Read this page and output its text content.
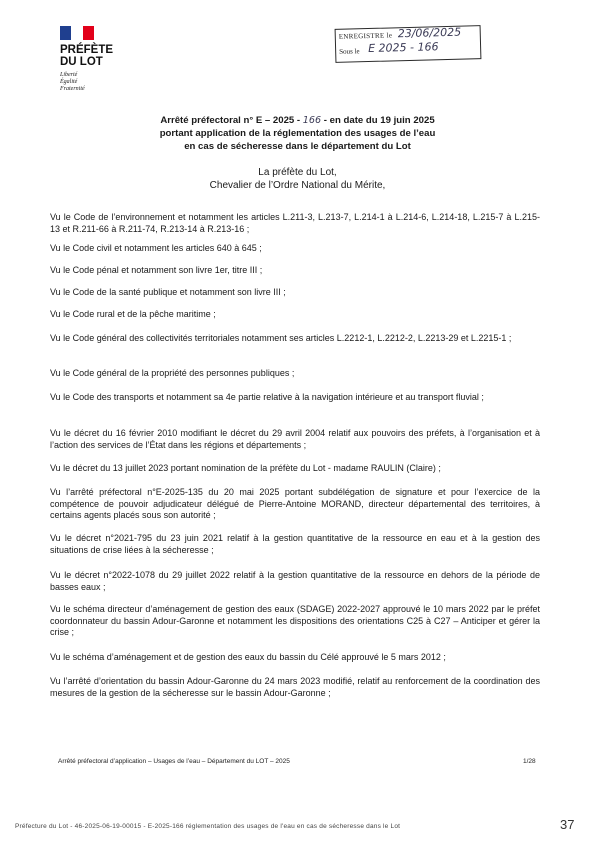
PRÉFÈTE
DU LOT
Liberté
Égalité
Fraternité
ENREGISTRE le
Sous le
23/06/2025
E 2025 - 166
Arrêté préfectoral n° E – 2025 - 166 - en date du 19 juin 2025
portant application de la réglementation des usages de l’eau
en cas de sécheresse dans le département du Lot
La préfète du Lot,
Chevalier de l’Ordre National du Mérite,
Vu le Code de l’environnement et notamment les articles L.211-3, L.213-7, L.214-1 à L.214-6, L.214-18, L.215-7 à L.215-13 et R.211-66 à R.211-74, R.213-14 à R.213-16 ;
Vu le Code civil et notamment les articles 640 à 645 ;
Vu le Code pénal et notamment son livre 1er, titre III ;
Vu le Code de la santé publique et notamment son livre III ;
Vu le Code rural et de la pêche maritime ;
Vu le Code général des collectivités territoriales notamment ses articles L.2212-1, L.2212-2, L.2213-29 et L.2215-1 ;
Vu le Code général de la propriété des personnes publiques ;
Vu le Code des transports et notamment sa 4e partie relative à la navigation intérieure et au transport fluvial ;
Vu le décret du 16 février 2010 modifiant le décret du 29 avril 2004 relatif aux pouvoirs des préfets, à l’organisation et à l’action des services de l’État dans les régions et départements ;
Vu le décret du 13 juillet 2023 portant nomination de la préfète du Lot - madame RAULIN (Claire) ;
Vu l’arrêté préfectoral n°E-2025-135 du 20 mai 2025 portant subdélégation de signature et pour l’exercice de la compétence de pouvoir adjudicateur délégué de Pierre-Antoine MORAND, directeur départemental des territoires, à certains agents placés sous son autorité ;
Vu le décret n°2021-795 du 23 juin 2021 relatif à la gestion quantitative de la ressource en eau et à la gestion des situations de crise liées à la sécheresse ;
Vu le décret n°2022-1078 du 29 juillet 2022 relatif à la gestion quantitative de la ressource en dehors de la période de basses eaux ;
Vu le schéma directeur d’aménagement de gestion des eaux (SDAGE) 2022-2027 approuvé le 10 mars 2022 par le préfet coordonnateur du bassin Adour-Garonne et notamment les dispositions des orientations C25 à C27 – Anticiper et gérer la crise ;
Vu le schéma d’aménagement et de gestion des eaux du bassin du Célé approuvé le 5 mars 2012 ;
Vu l’arrêté d’orientation du bassin Adour-Garonne du 24 mars 2023 modifié, relatif au renforcement de la coordination des mesures de la gestion de la sécheresse sur le bassin Adour-Garonne ;
Arrêté préfectoral d’application – Usages de l’eau – Département du LOT – 2025	1/28
Préfecture du Lot - 46-2025-06-19-00015 - E-2025-166 réglementation des usages de l'eau en cas de sécheresse dans le Lot	37
